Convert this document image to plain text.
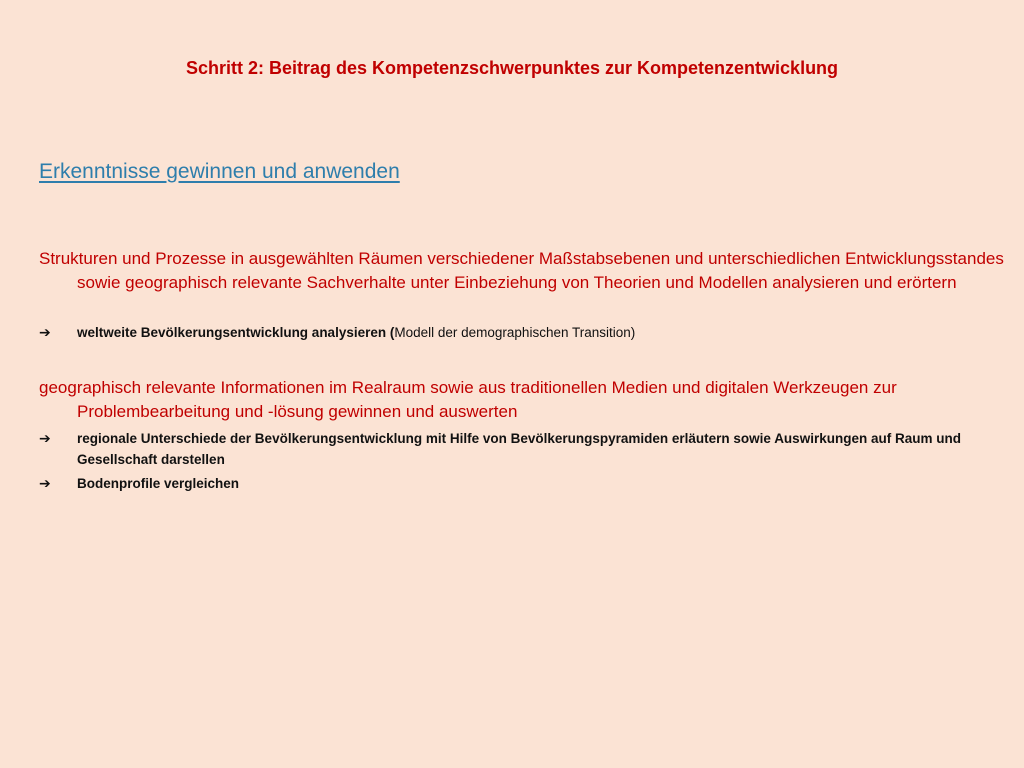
Schritt 2: Beitrag des Kompetenzschwerpunktes zur Kompetenzentwicklung
Erkenntnisse gewinnen und anwenden

Strukturen und Prozesse in ausgewählten Räumen verschiedener Maßstabsebenen und unterschiedlichen Entwicklungsstandes sowie geographisch relevante Sachverhalte unter Einbeziehung von Theorien und Modellen analysieren und erörtern

➔	weltweite Bevölkerungsentwicklung analysieren (Modell der demographischen Transition)

geographisch relevante Informationen im Realraum sowie aus traditionellen Medien und digitalen Werkzeugen zur Problembearbeitung und -lösung gewinnen und auswerten

➔	regionale Unterschiede der Bevölkerungsentwicklung mit Hilfe von Bevölkerungspyramiden erläutern sowie Auswirkungen auf Raum und Gesellschaft darstellen
➔	Bodenprofile vergleichen
